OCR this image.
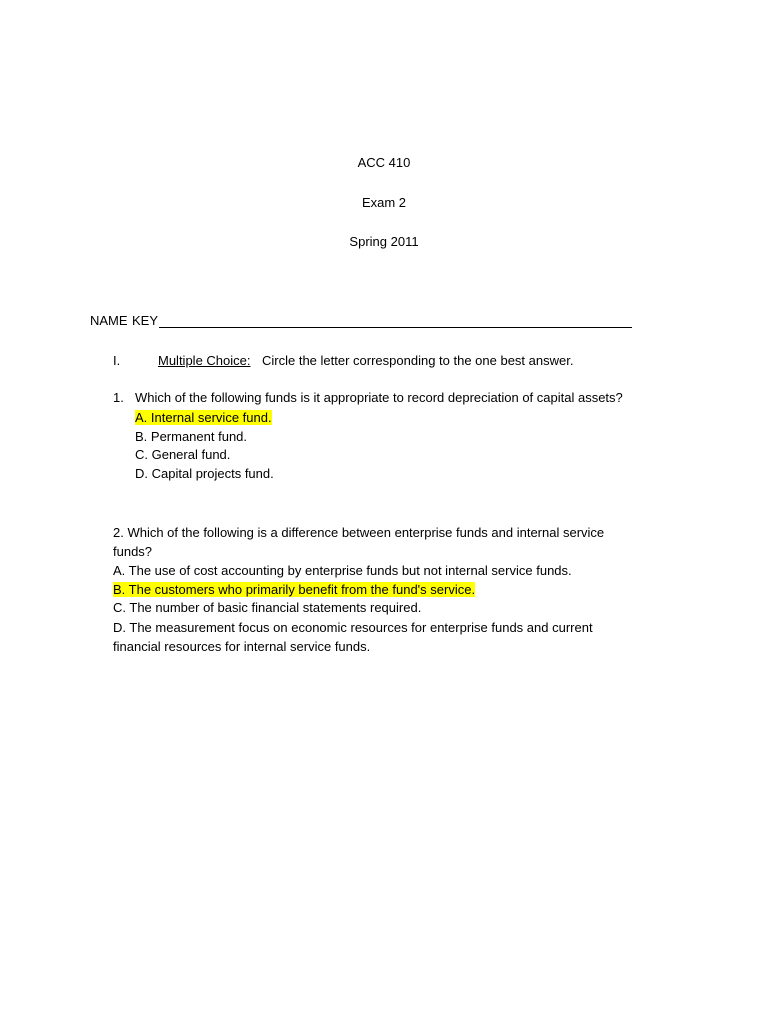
ACC 410
Exam 2
Spring 2011
NAME KEY
I.	Multiple Choice: Circle the letter corresponding to the one best answer.
1. Which of the following funds is it appropriate to record depreciation of capital assets?
A. Internal service fund.
B. Permanent fund.
C. General fund.
D. Capital projects fund.
2. Which of the following is a difference between enterprise funds and internal service
funds?
A. The use of cost accounting by enterprise funds but not internal service funds.
B. The customers who primarily benefit from the fund's service.
C. The number of basic financial statements required.
D. The measurement focus on economic resources for enterprise funds and current
financial resources for internal service funds.
